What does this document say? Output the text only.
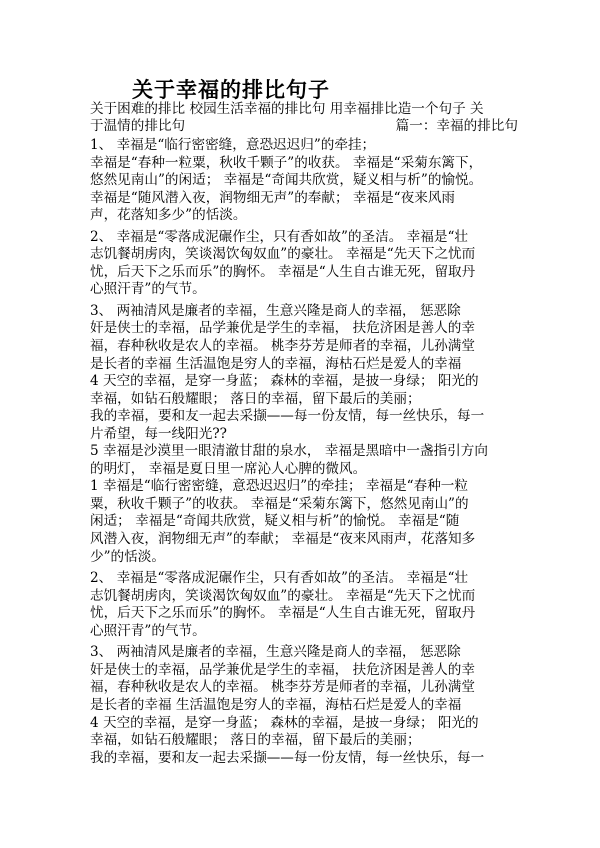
关于幸福的排比句子
关于困难的排比 校园生活幸福的排比句 用幸福排比造一个句子 关
于温情的排比句	篇一：幸福的排比句

1、 幸福是“临行密密缝，意恐迟迟归”的牵挂；

幸福是“春种一粒粟，秋收千颗子”的收获。 幸福是“采菊东篱下，

悠然见南山”的闲适； 幸福是“奇闻共欣赏，疑义相与析”的愉悦。

幸福是“随风潜入夜，润物细无声”的奉献； 幸福是“夜来风雨

声，花落知多少”的恬淡。

2、 幸福是“零落成泥碾作尘，只有香如故”的圣洁。 幸福是“壮

志饥餐胡虏肉，笑谈渴饮匈奴血”的豪壮。 幸福是“先天下之忧而

忧，后天下之乐而乐”的胸怀。 幸福是“人生自古谁无死，留取丹

心照汗青”的气节。

3、 两袖清风是廉者的幸福，生意兴隆是商人的幸福， 惩恶除

奸是侠士的幸福，品学兼优是学生的幸福， 扶危济困是善人的幸

福，春种秋收是农人的幸福。 桃李芬芳是师者的幸福，儿孙满堂

是长者的幸福 生活温饱是穷人的幸福，海枯石烂是爱人的幸福

4 天空的幸福，是穿一身蓝； 森林的幸福，是披一身绿； 阳光的

幸福，如钻石般耀眼； 落日的幸福，留下最后的美丽；

我的幸福，要和友一起去采撷——每一份友情，每一丝快乐，每一

片希望，每一线阳光??

5 幸福是沙漠里一眼清澈甘甜的泉水， 幸福是黑暗中一盏指引方向

的明灯， 幸福是夏日里一席沁人心脾的微风。

1 幸福是“临行密密缝，意恐迟迟归”的牵挂； 幸福是“春种一粒

粟，秋收千颗子”的收获。 幸福是“采菊东篱下，悠然见南山”的

闲适； 幸福是“奇闻共欣赏，疑义相与析”的愉悦。 幸福是“随

风潜入夜，润物细无声”的奉献； 幸福是“夜来风雨声，花落知多

少”的恬淡。

2、 幸福是“零落成泥碾作尘，只有香如故”的圣洁。 幸福是“壮

志饥餐胡虏肉，笑谈渴饮匈奴血”的豪壮。 幸福是“先天下之忧而

忧，后天下之乐而乐”的胸怀。 幸福是“人生自古谁无死，留取丹

心照汗青”的气节。

3、 两袖清风是廉者的幸福，生意兴隆是商人的幸福， 惩恶除

奸是侠士的幸福，品学兼优是学生的幸福， 扶危济困是善人的幸

福，春种秋收是农人的幸福。 桃李芬芳是师者的幸福，儿孙满堂

是长者的幸福 生活温饱是穷人的幸福，海枯石烂是爱人的幸福

4 天空的幸福，是穿一身蓝； 森林的幸福，是披一身绿； 阳光的

幸福，如钻石般耀眼； 落日的幸福，留下最后的美丽；

我的幸福，要和友一起去采撷——每一份友情，每一丝快乐，每一
